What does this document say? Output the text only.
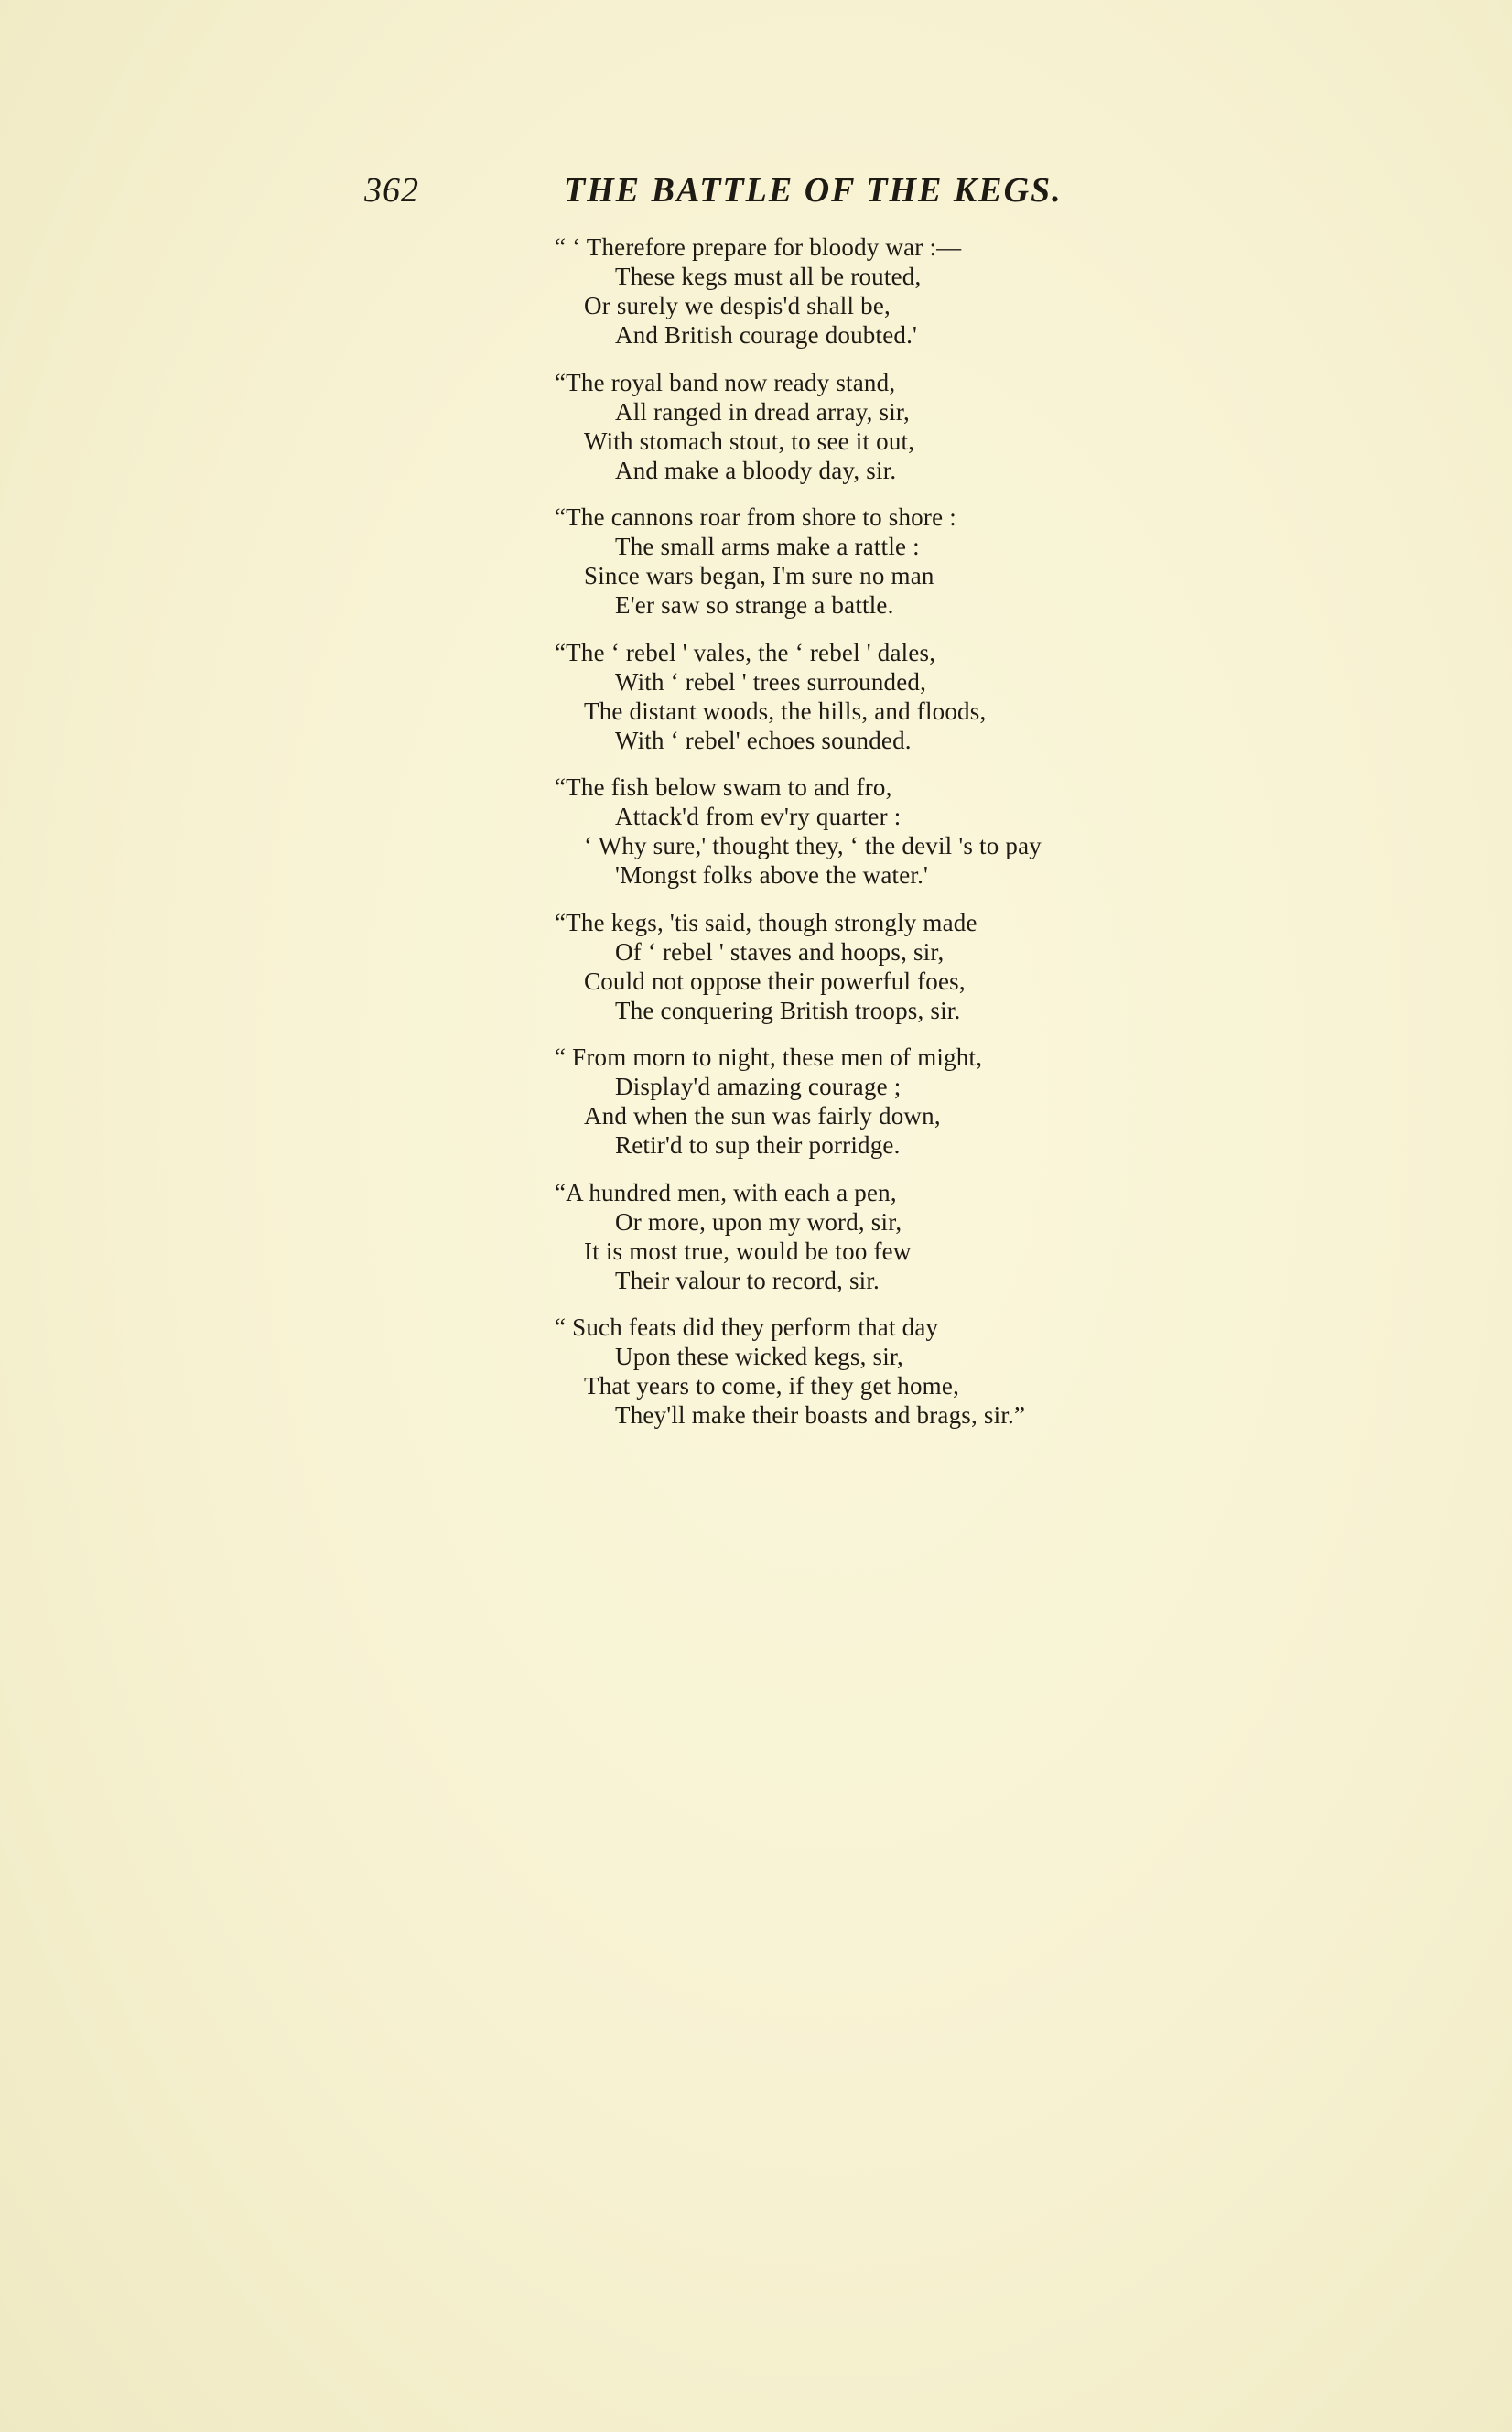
362	THE BATTLE OF THE KEGS.
“ ‘ Therefore prepare for bloody war :—
These kegs must all be routed,
Or surely we despis'd shall be,
And British courage doubted.'
“The royal band now ready stand,
All ranged in dread array, sir,
With stomach stout, to see it out,
And make a bloody day, sir.
“The cannons roar from shore to shore :
The small arms make a rattle :
Since wars began, I'm sure no man
E'er saw so strange a battle.
“The ‘ rebel ' vales, the ‘ rebel ' dales,
With ‘ rebel ' trees surrounded,
The distant woods, the hills, and floods,
With ‘ rebel' echoes sounded.
“The fish below swam to and fro,
Attack'd from ev'ry quarter :
‘ Why sure,' thought they, ‘ the devil 's to pay
'Mongst folks above the water.'
“The kegs, 'tis said, though strongly made
Of ‘ rebel ' staves and hoops, sir,
Could not oppose their powerful foes,
The conquering British troops, sir.
“ From morn to night, these men of might,
Display'd amazing courage ;
And when the sun was fairly down,
Retir'd to sup their porridge.
“A hundred men, with each a pen,
Or more, upon my word, sir,
It is most true, would be too few
Their valour to record, sir.
“ Such feats did they perform that day
Upon these wicked kegs, sir,
That years to come, if they get home,
They'll make their boasts and brags, sir.”
